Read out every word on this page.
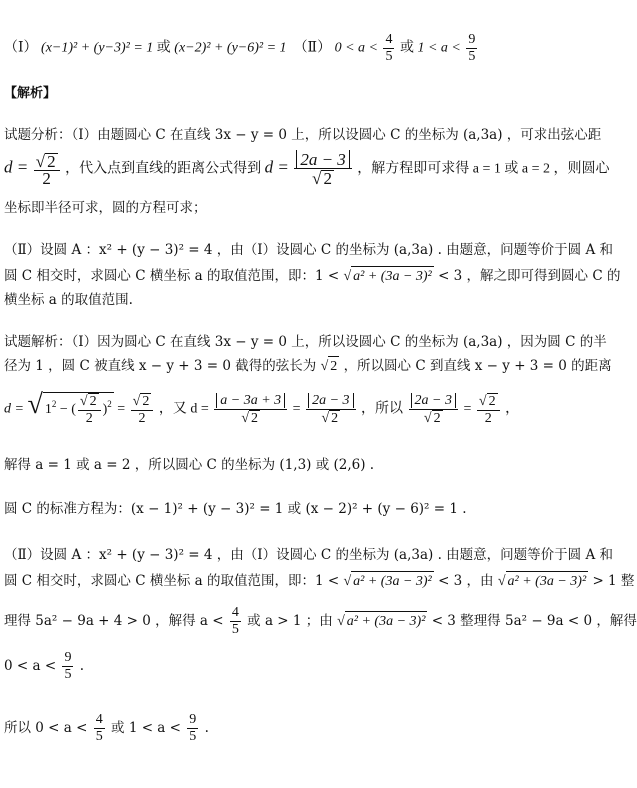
（Ⅰ） (x−1)² + (y−3)² = 1 或 (x−2)² + (y−6)² = 1 （Ⅱ） $0 < a < \frac{4}{5}$ 或 $1 < a < \frac{9}{5}$
【解析】
试题分析：（Ⅰ）由题圆心 C 在直线 3x − y = 0 上，所以设圆心 C 的坐标为 (a,3a) ，可求出弦心距
$d = \frac{√ 2}{2}$ ，代入点到直线的距离公式得到 $d = \frac{2a - 3}{√ 2}$ ，解方程即可求得 a = 1 或 a = 2 ，则圆心
坐标即半径可求，圆的方程可求；
（Ⅱ）设圆 A ：x² + (y − 3)² = 4 ，由（Ⅰ）设圆心 C 的坐标为 (a,3a) . 由题意，问题等价于圆 A 和
圆 C 相交时，求圆心 C 横坐标 a 的取值范围，即：1 < √ a² + (3a − 3)² < 3 ，解之即可得到圆心 C 的
横坐标 a 的取值范围.
试题解析：（Ⅰ）因为圆心 C 在直线 3x − y = 0 上，所以设圆心 C 的坐标为 (a,3a) ，因为圆 C 的半
径为 1 ，圆 C 被直线 x − y + 3 = 0 截得的弦长为 √ 2 ，所以圆心 C 到直线 x − y + 3 = 0 的距离
d = √ $1^2$ − ( $\frac{√ 2}{2} )^2 = \frac{√ 2}{2}$ ，又 $d = \frac{a - 3a + 3}{√ 2} = \frac{2a - 3}{√ 2}$ ，所以 $\frac{2a - 3}{√ 2} = \frac{√ 2}{2}$ ，
解得 a = 1 或 a = 2 ，所以圆心 C 的坐标为 (1,3) 或 (2,6) .
圆 C 的标准方程为：(x − 1)² + (y − 3)² = 1 或 (x − 2)² + (y − 6)² = 1 .
（Ⅱ）设圆 A ：x² + (y − 3)² = 4 ，由（Ⅰ）设圆心 C 的坐标为 (a,3a) . 由题意，问题等价于圆 A 和
圆 C 相交时，求圆心 C 横坐标 a 的取值范围，即：1 < √ a² + (3a − 3)² < 3 ，由 √ a² + (3a − 3)² > 1 整
理得 5a² − 9a + 4 > 0 ，解得 $a < \frac{4}{5}$ 或 a > 1 ；由 √ a² + (3a − 3)² < 3 整理得 5a² − 9a < 0 ，解得
$0 < a < \frac{9}{5}$ .
所以 $0 < a < \frac{4}{5}$ 或 $1 < a < \frac{9}{5}$ .
